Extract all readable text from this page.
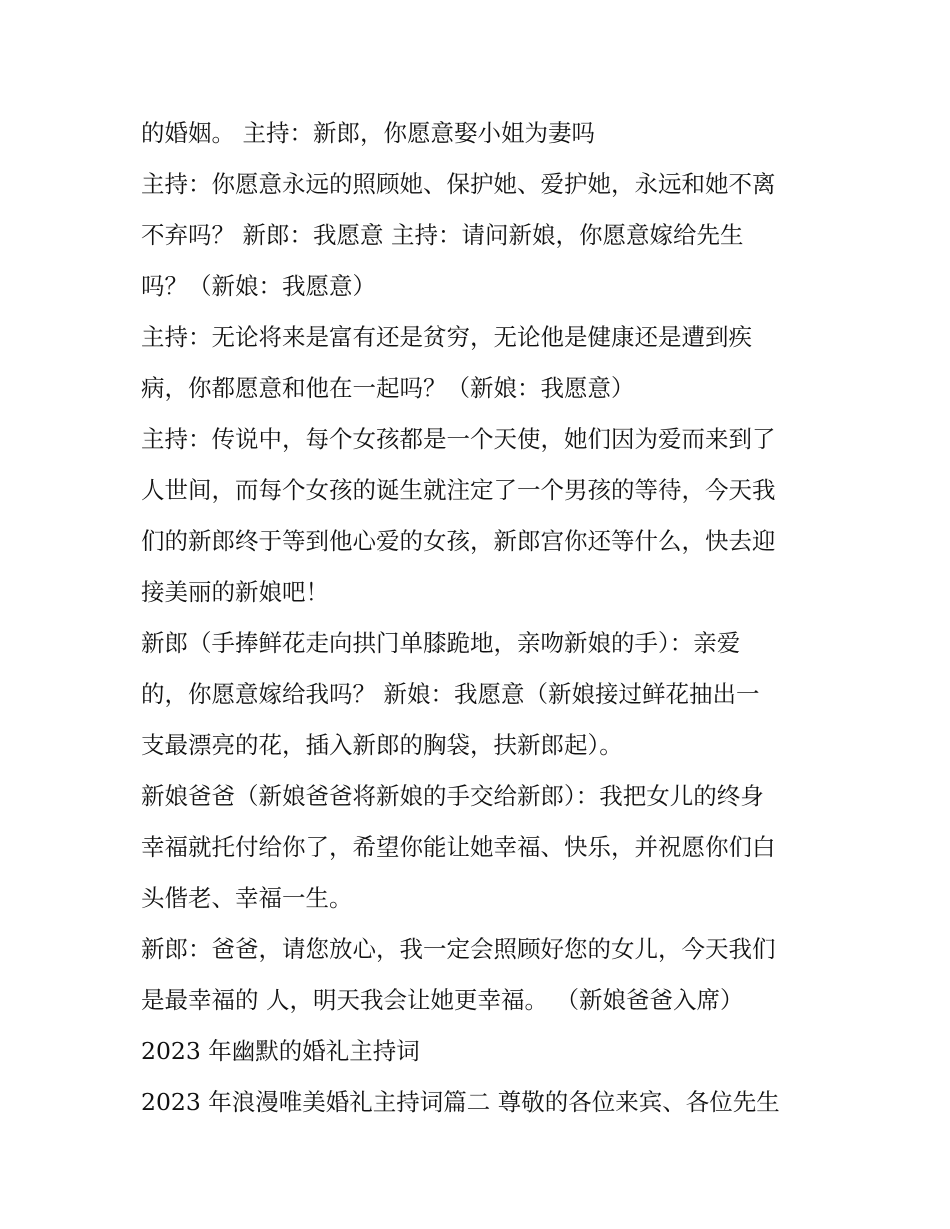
的婚姻。 主持：新郎，你愿意娶小姐为妻吗
主持：你愿意永远的照顾她、保护她、爱护她，永远和她不离
不弃吗？ 新郎：我愿意 主持：请问新娘，你愿意嫁给先生
吗？（新娘：我愿意）
主持：无论将来是富有还是贫穷，无论他是健康还是遭到疾
病，你都愿意和他在一起吗？（新娘：我愿意）
主持：传说中，每个女孩都是一个天使，她们因为爱而来到了
人世间，而每个女孩的诞生就注定了一个男孩的等待，今天我
们的新郎终于等到他心爱的女孩，新郎宫你还等什么，快去迎
接美丽的新娘吧！
新郎（手捧鲜花走向拱门单膝跪地，亲吻新娘的手）：亲爱
的，你愿意嫁给我吗？ 新娘：我愿意（新娘接过鲜花抽出一
支最漂亮的花，插入新郎的胸袋，扶新郎起）。
新娘爸爸（新娘爸爸将新娘的手交给新郎）：我把女儿的终身
幸福就托付给你了，希望你能让她幸福、快乐，并祝愿你们白
头偕老、幸福一生。
新郎：爸爸，请您放心，我一定会照顾好您的女儿，今天我们
是最幸福的 人，明天我会让她更幸福。 （新娘爸爸入席）
2023 年幽默的婚礼主持词
2023 年浪漫唯美婚礼主持词篇二 尊敬的各位来宾、各位先生
